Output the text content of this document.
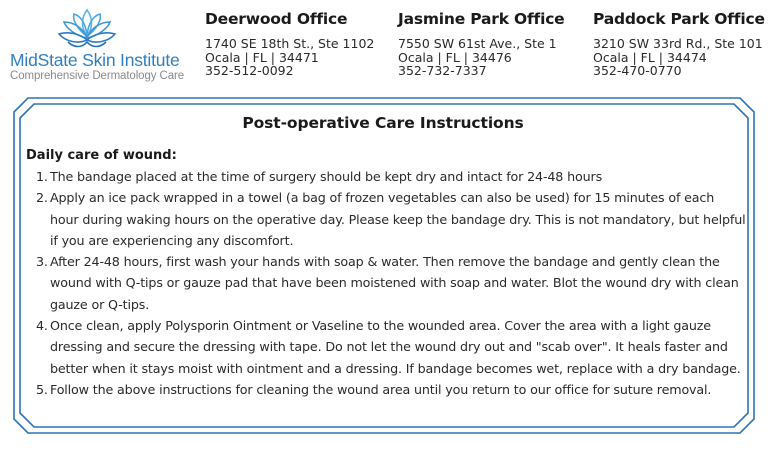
MidState Skin Institute
Comprehensive Dermatology Care
Deerwood Office
1740 SE 18th St., Ste 1102
Ocala | FL | 34471
352-512-0092
Jasmine Park Office
7550 SW 61st Ave., Ste 1
Ocala | FL | 34476
352-732-7337
Paddock Park Office
3210 SW 33rd Rd., Ste 101
Ocala | FL | 34474
352-470-0770
Post-operative Care Instructions
Daily care of wound:
1. The bandage placed at the time of surgery should be kept dry and intact for 24-48 hours
2. Apply an ice pack wrapped in a towel (a bag of frozen vegetables can also be used) for 15 minutes of each hour during waking hours on the operative day. Please keep the bandage dry. This is not mandatory, but helpful if you are experiencing any discomfort.
3. After 24-48 hours, first wash your hands with soap & water. Then remove the bandage and gently clean the wound with Q-tips or gauze pad that have been moistened with soap and water. Blot the wound dry with clean gauze or Q-tips.
4. Once clean, apply Polysporin Ointment or Vaseline to the wounded area. Cover the area with a light gauze dressing and secure the dressing with tape. Do not let the wound dry out and "scab over". It heals faster and better when it stays moist with ointment and a dressing. If bandage becomes wet, replace with a dry bandage.
5. Follow the above instructions for cleaning the wound area until you return to our office for suture removal.
